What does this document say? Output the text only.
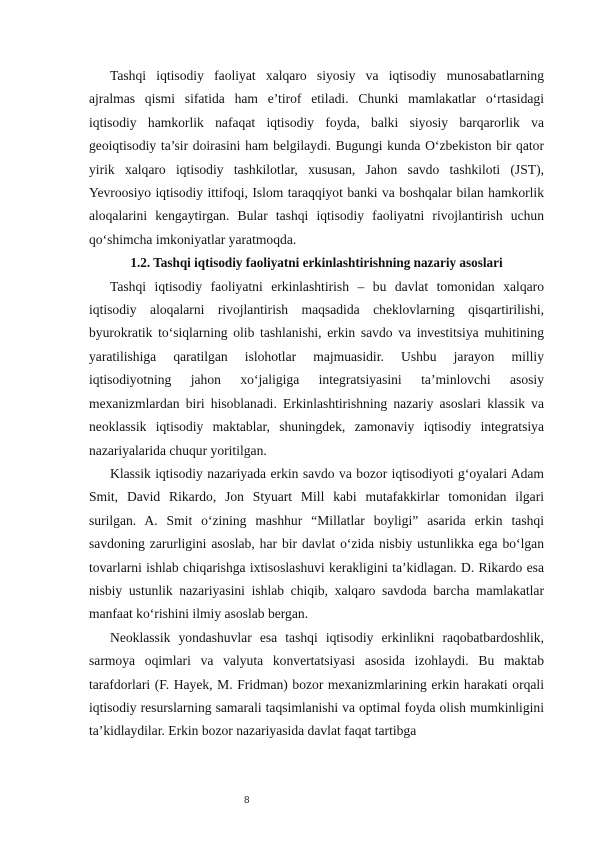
Tashqi iqtisodiy faoliyat xalqaro siyosiy va iqtisodiy munosabatlarning ajralmas qismi sifatida ham e’tirof etiladi. Chunki mamlakatlar o‘rtasidagi iqtisodiy hamkorlik nafaqat iqtisodiy foyda, balki siyosiy barqarorlik va geoiqtisodiy ta’sir doirasini ham belgilaydi. Bugungi kunda O‘zbekiston bir qator yirik xalqaro iqtisodiy tashkilotlar, xususan, Jahon savdo tashkiloti (JST), Yevroosiyo iqtisodiy ittifoqi, Islom taraqqiyot banki va boshqalar bilan hamkorlik aloqalarini kengaytirgan. Bular tashqi iqtisodiy faoliyatni rivojlantirish uchun qo‘shimcha imkoniyatlar yaratmoqda.

1.2. Tashqi iqtisodiy faoliyatni erkinlashtirishning nazariy asoslari

Tashqi iqtisodiy faoliyatni erkinlashtirish – bu davlat tomonidan xalqaro iqtisodiy aloqalarni rivojlantirish maqsadida cheklovlarning qisqartirilishi, byurokratik to‘siqlarning olib tashlanishi, erkin savdo va investitsiya muhitining yaratilishiga qaratilgan islohotlar majmuasidir. Ushbu jarayon milliy iqtisodiyotning jahon xo‘jaligiga integratsiyasini ta’minlovchi asosiy mexanizmlardan biri hisoblanadi. Erkinlashtirishning nazariy asoslari klassik va neoklassik iqtisodiy maktablar, shuningdek, zamonaviy iqtisodiy integratsiya nazariyalarida chuqur yoritilgan.

Klassik iqtisodiy nazariyada erkin savdo va bozor iqtisodiyoti g‘oyalari Adam Smit, David Rikardo, Jon Styuart Mill kabi mutafakkirlar tomonidan ilgari surilgan. A. Smit o‘zining mashhur “Millatlar boyligi” asarida erkin tashqi savdoning zarurligini asoslab, har bir davlat o‘zida nisbiy ustunlikka ega bo‘lgan tovarlarni ishlab chiqarishga ixtisoslashuvi kerakligini ta’kidlagan. D. Rikardo esa nisbiy ustunlik nazariyasini ishlab chiqib, xalqaro savdoda barcha mamlakatlar manfaat ko‘rishini ilmiy asoslab bergan.

Neoklassik yondashuvlar esa tashqi iqtisodiy erkinlikni raqobatbardoshlik, sarmoya oqimlari va valyuta konvertatsiyasi asosida izohlaydi. Bu maktab tarafdorlari (F. Hayek, M. Fridman) bozor mexanizmlarining erkin harakati orqali iqtisodiy resurslarning samarali taqsimlanishi va optimal foyda olish mumkinligini ta’kidlaydilar. Erkin bozor nazariyasida davlat faqat tartibga

8
